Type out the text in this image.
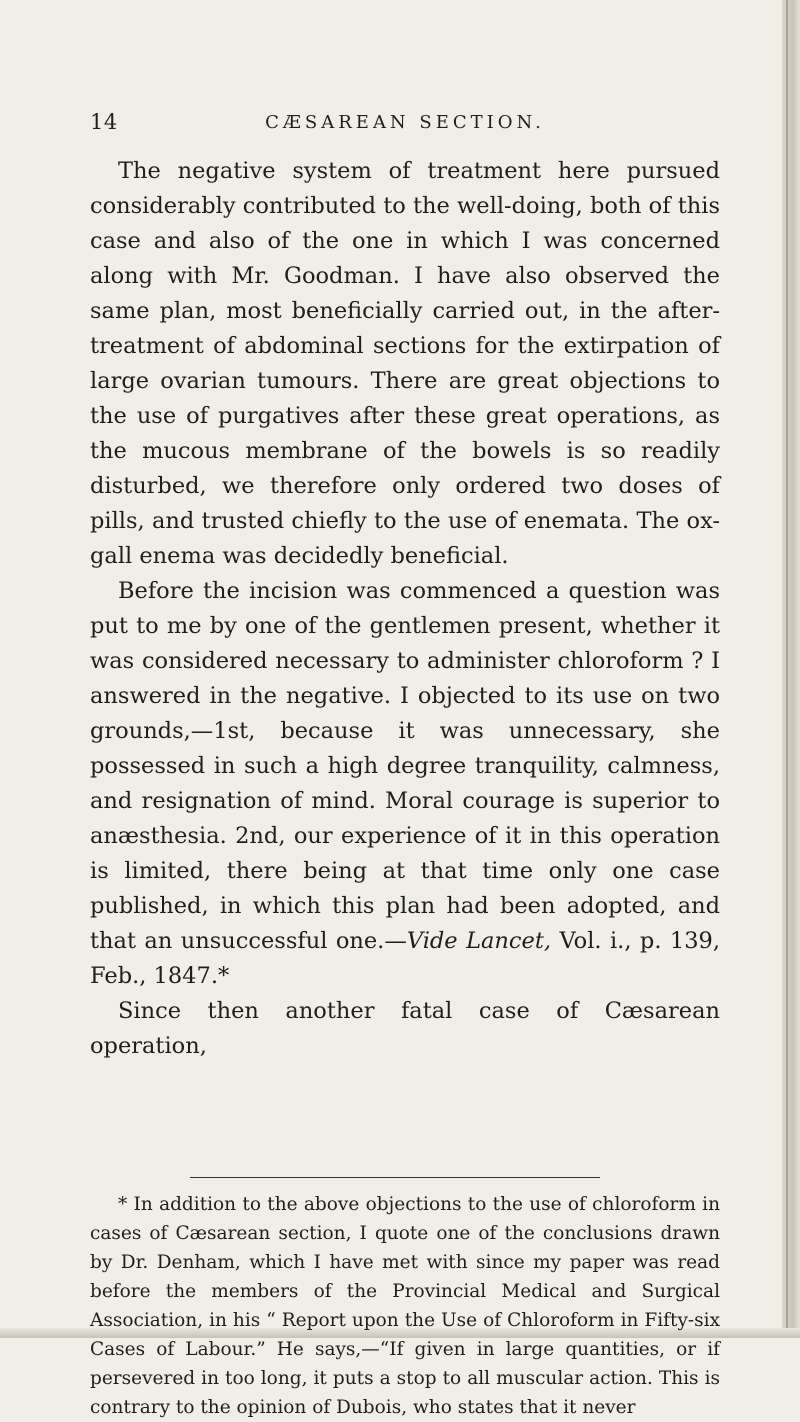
14	CÆSAREAN SECTION.

The negative system of treatment here pursued considerably contributed to the well-doing, both of this case and also of the one in which I was concerned along with Mr. Goodman. I have also observed the same plan, most beneficially carried out, in the after-treatment of abdominal sections for the extirpation of large ovarian tumours. There are great objections to the use of purgatives after these great operations, as the mucous membrane of the bowels is so readily disturbed, we therefore only ordered two doses of pills, and trusted chiefly to the use of enemata. The ox-gall enema was decidedly beneficial.

Before the incision was commenced a question was put to me by one of the gentlemen present, whether it was considered necessary to administer chloroform ? I answered in the negative. I objected to its use on two grounds,—1st, because it was unnecessary, she possessed in such a high degree tranquility, calmness, and resignation of mind. Moral courage is superior to anæsthesia. 2nd, our experience of it in this operation is limited, there being at that time only one case published, in which this plan had been adopted, and that an unsuccessful one.—Vide Lancet, Vol. i., p. 139, Feb., 1847.*

Since then another fatal case of Cæsarean operation,

* In addition to the above objections to the use of chloroform in cases of Cæsarean section, I quote one of the conclusions drawn by Dr. Denham, which I have met with since my paper was read before the members of the Provincial Medical and Surgical Association, in his “ Report upon the Use of Chloroform in Fifty-six Cases of Labour.” He says,—“If given in large quantities, or if persevered in too long, it puts a stop to all muscular action. This is contrary to the opinion of Dubois, who states that it never
